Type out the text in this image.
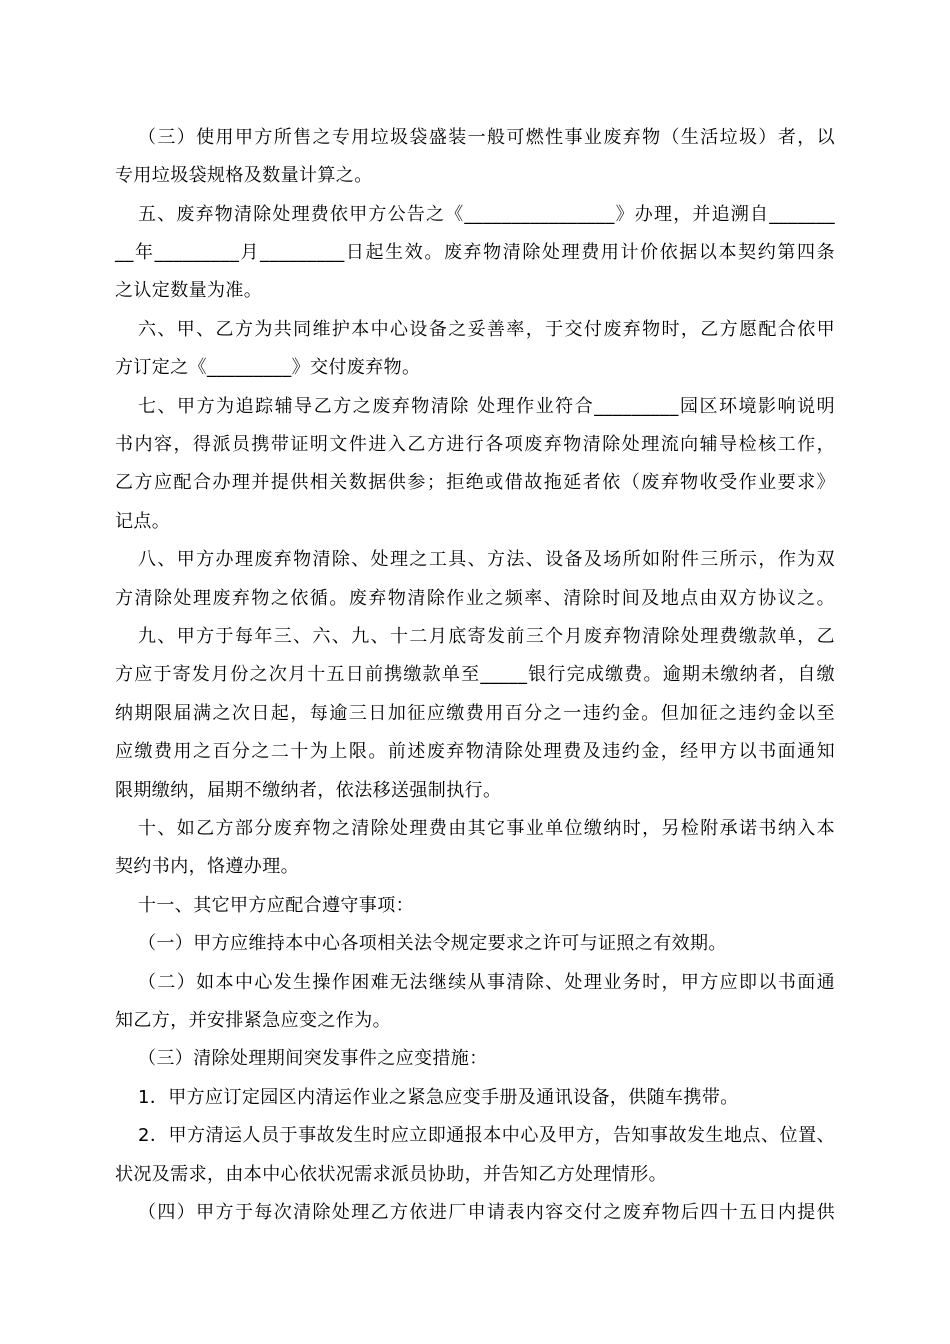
（三）使用甲方所售之专用垃圾袋盛装一般可燃性事业废弃物（生活垃圾）者，以
专用垃圾袋规格及数量计算之。
五、废弃物清除处理费依甲方公告之《________________》办理，并追溯自_______
__年_________月_________日起生效。废弃物清除处理费用计价依据以本契约第四条
之认定数量为准。
六、甲、乙方为共同维护本中心设备之妥善率，于交付废弃物时，乙方愿配合依甲
方订定之《_________》交付废弃物。
七、甲方为追踪辅导乙方之废弃物清除 处理作业符合_________园区环境影响说明
书内容，得派员携带证明文件进入乙方进行各项废弃物清除处理流向辅导检核工作，
乙方应配合办理并提供相关数据供参；拒绝或借故拖延者依（废弃物收受作业要求》
记点。
八、甲方办理废弃物清除、处理之工具、方法、设备及场所如附件三所示，作为双
方清除处理废弃物之依循。废弃物清除作业之频率、清除时间及地点由双方协议之。
九、甲方于每年三、六、九、十二月底寄发前三个月废弃物清除处理费缴款单，乙
方应于寄发月份之次月十五日前携缴款单至_____银行完成缴费。逾期未缴纳者，自缴
纳期限届满之次日起，每逾三日加征应缴费用百分之一违约金。但加征之违约金以至
应缴费用之百分之二十为上限。前述废弃物清除处理费及违约金，经甲方以书面通知
限期缴纳，届期不缴纳者，依法移送强制执行。
十、如乙方部分废弃物之清除处理费由其它事业单位缴纳时，另检附承诺书纳入本
契约书内，恪遵办理。
十一、其它甲方应配合遵守事项：
（一）甲方应维持本中心各项相关法令规定要求之许可与证照之有效期。
（二）如本中心发生操作困难无法继续从事清除、处理业务时，甲方应即以书面通
知乙方，并安排紧急应变之作为。
（三）清除处理期间突发事件之应变措施：
1．甲方应订定园区内清运作业之紧急应变手册及通讯设备，供随车携带。
2．甲方清运人员于事故发生时应立即通报本中心及甲方，告知事故发生地点、位置、
状况及需求，由本中心依状况需求派员协助，并告知乙方处理情形。
（四）甲方于每次清除处理乙方依进厂申请表内容交付之废弃物后四十五日内提供
